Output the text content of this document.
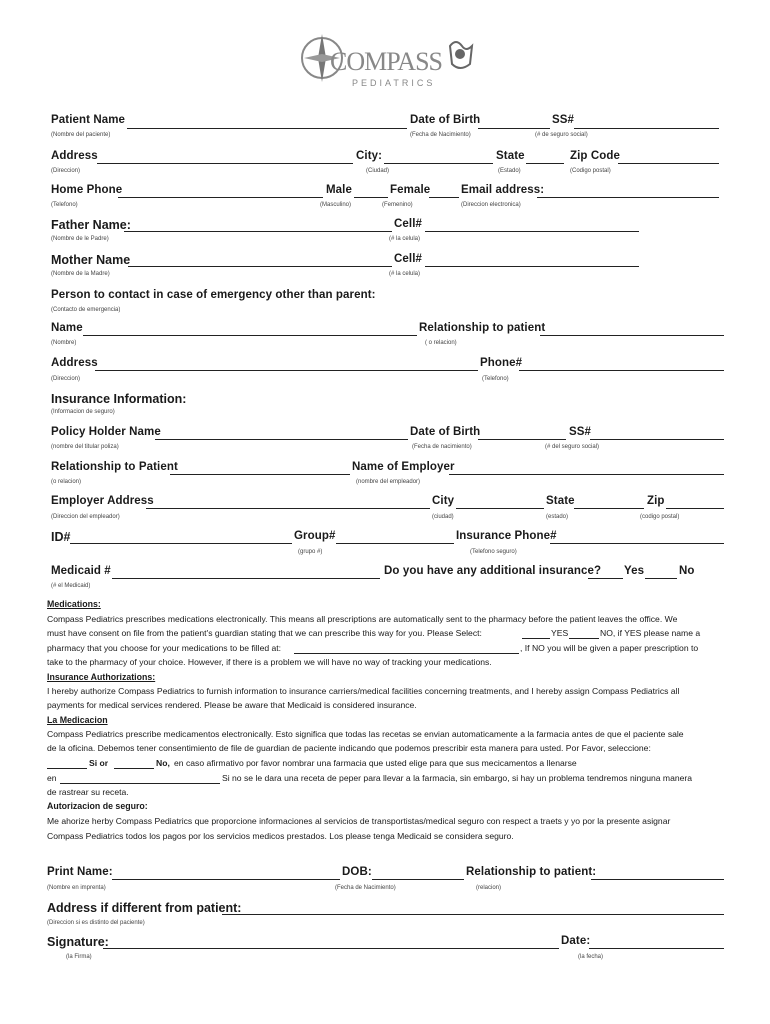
COMPASS
PEDIATRICS
Patient Name	Date of Birth	SS#
(Nombre del paciente)	(Fecha de Nacimiento)	(# de seguro social)
Address	City:	State	Zip Code
(Direccion)	(Ciudad)	(Estado)	(Codigo postal)
Home Phone	Male	Female	Email address:
(Telefono)	(Masculino)	(Femenino)	(Direccion electronica)
Father Name:	Cell#
(Nombre de le Padre)	(# la celula)
Mother Name	Cell#
(Nombre de la Madre)	(# la celula)
Person to contact in case of emergency other than parent:
(Contacto de emergencia)
Name	Relationship to patient
(Nombre)	( o relacion)
Address	Phone#
(Direccion)	(Telefono)
Insurance Information:
(Informacion de seguro)
Policy Holder Name	Date of Birth	SS#
(nombre del titular poliza)	(Fecha de nacimiento)	(# del seguro social)
Relationship to Patient	Name of Employer
(o relacion)	(nombre del empleador)
Employer Address	City	State	Zip
(Direccion del empleador)	(ciudad)	(estado)	(codigo postal)
ID#	Group#	Insurance Phone#
(grupo #)	(Telefono seguro)
Medicaid #	Do you have any additional insurance? Yes	No
(# el Medicaid)
Medications:
Compass Pediatrics prescribes medications electronically. This means all prescriptions are automatically sent to the pharmacy before the patient leaves the office. We
must have consent on file from the patient's guardian stating that we can prescribe this way for you. Please Select:	YES	NO, if YES please name a
pharmacy that you choose for your medications to be filled at:	, If NO you will be given a paper prescription to
take to the pharmacy of your choice. However, if there is a problem we will have no way of tracking your medications.
Insurance Authorizations:
I hereby authorize Compass Pediatrics to furnish information to insurance carriers/medical facilities concerning treatments, and I hereby assign Compass Pediatrics all
payments for medical services rendered. Please be aware that Medicaid is considered insurance.
La Medicacion
Compass Pediatrics prescribe medicamentos electronically. Esto significa que todas las recetas se envian automaticamente a la farmacia antes de que el paciente sale
de la oficina. Debemos tener consentimiento de file de guardian de paciente indicando que podemos prescribir esta manera para usted. Por Favor, seleccione:
Si or	No, en caso afirmativo por favor nombrar una farmacia que usted elige para que sus mecicamentos a llenarse
en	Si no se le dara una receta de peper para llevar a la farmacia, sin embargo, si hay un problema tendremos ninguna manera
de rastrear su receta.
Autorizacion de seguro:
Me ahorize herby Compass Pediatrics que proporcione informaciones al servicios de transportistas/medical seguro con respect a traets y yo por la presente asignar
Compass Pediatrics todos los pagos por los servicios medicos prestados. Los please tenga Medicaid se considera seguro.
Print Name:	DOB:	Relationship to patient:
(Nombre en imprenta)	(Fecha de Nacimiento)	(relacion)
Address if different from patient:
(Direccion si es distinto del paciente)
Signature:	Date:
(la Firma)	(la fecha)
